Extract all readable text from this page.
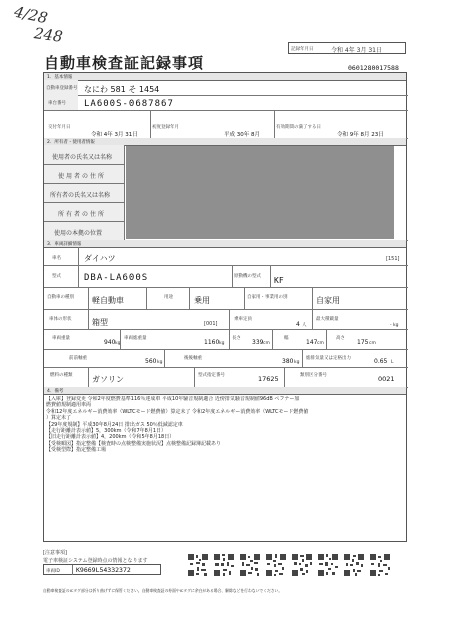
4/28
248
記録年月日	令和 4年 3月 31日
自動車検査証記録事項	0601280017588
1．基本情報
自動車登録番号 なにわ 581 そ 1454
車台番号 LA600S-0687867
交付年月日
令和 4年 3月 31日
初度登録年月
平成 30年 8月
有効期間の満了する日
令和 9年 8月 23日
2．所有者・使用者情報
使用者の氏名又は名称
使用者の住所
所有者の氏名又は名称
所有者の住所
使用の本拠の位置
3．車両詳細情報
車名	ダイハツ	[151]
型式	DBA-LA600S	原動機の型式 KF
自動車の種別 軽自動車	用途	乗用	自家用・事業用の別	自家用
車体の形状	箱型	[001]
乗車定員
4 人
最大積載量
- kg
車両重量
940 kg
車両総重量
1160 kg
長さ
339 cm
幅
147 cm
高さ
175 cm
前前軸重	560 kg
後後軸重	380 kg
総排気量又は定格出力	0.65 L
燃料の種類 ガソリン	型式指定番号	17625	類別区分番号	0021
4．備考
【入庫】登録変更 令和2年度燃費基準116％達成車 平成10年騒音規制適合 近傍排気騒音規制値96dB ペフナー加
燃費値規制適用車両
令和12年度エネルギー消費効率（WLTCモード燃費値）算定未了 令和2年度エネルギー消費効率（WLTCモード燃費値
）算定未了
【29年度規制】平成30年8月24日 排出ガス 50％低減認定車
【走行距離計表示値】5，300km（令和7年8月1日）
【旧走行距離計表示値】4，200km（令和5年8月18日）
【受検順図】指定整備【検査時の点検整備実施状況】点検整備記録簿記載あり
【受検型際】指定整備工場
[注意事項]
電子車検証システム登録時点の情報となります
車両ID K9669L54332372
自動車検査証のICタグ部分は折り曲げずに保管ください。自動車検査証の券面やICタグに余白がある場合、解除などを行わないでください。
